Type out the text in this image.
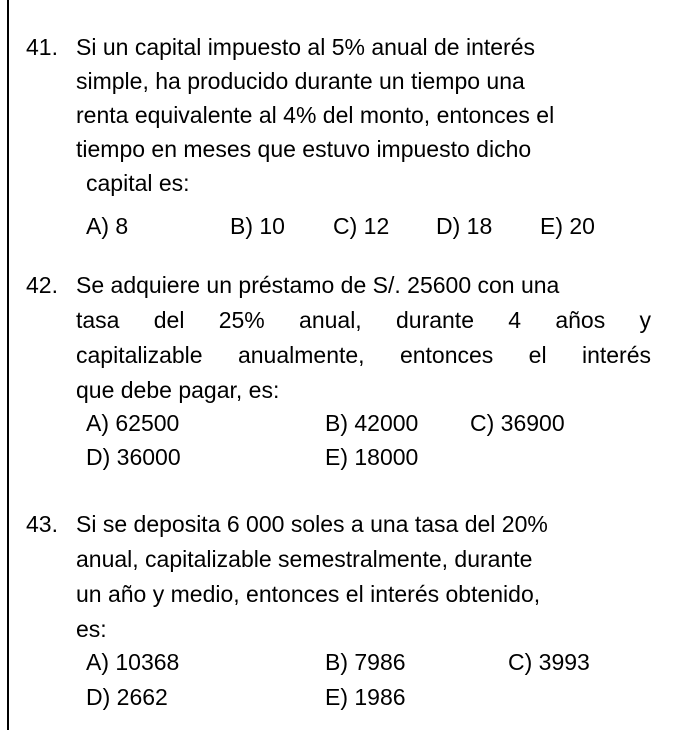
41. Si un capital impuesto al 5% anual de interés
simple, ha producido durante un tiempo una
renta equivalente al 4% del monto, entonces el
tiempo en meses que estuvo impuesto dicho
capital es:
A) 8	B) 10 C) 12 D) 18 E) 20
42. Se adquiere un préstamo de S/. 25600 con una
tasa del 25% anual, durante 4 años y
capitalizable anualmente, entonces el interés
que debe pagar, es:
A) 62500	B) 42000 C) 36900
D) 36000	E) 18000
43. Si se deposita 6 000 soles a una tasa del 20%
anual, capitalizable semestralmente, durante
un año y medio, entonces el interés obtenido,
es:
A) 10368	B) 7986	C) 3993
D) 2662	E) 1986
